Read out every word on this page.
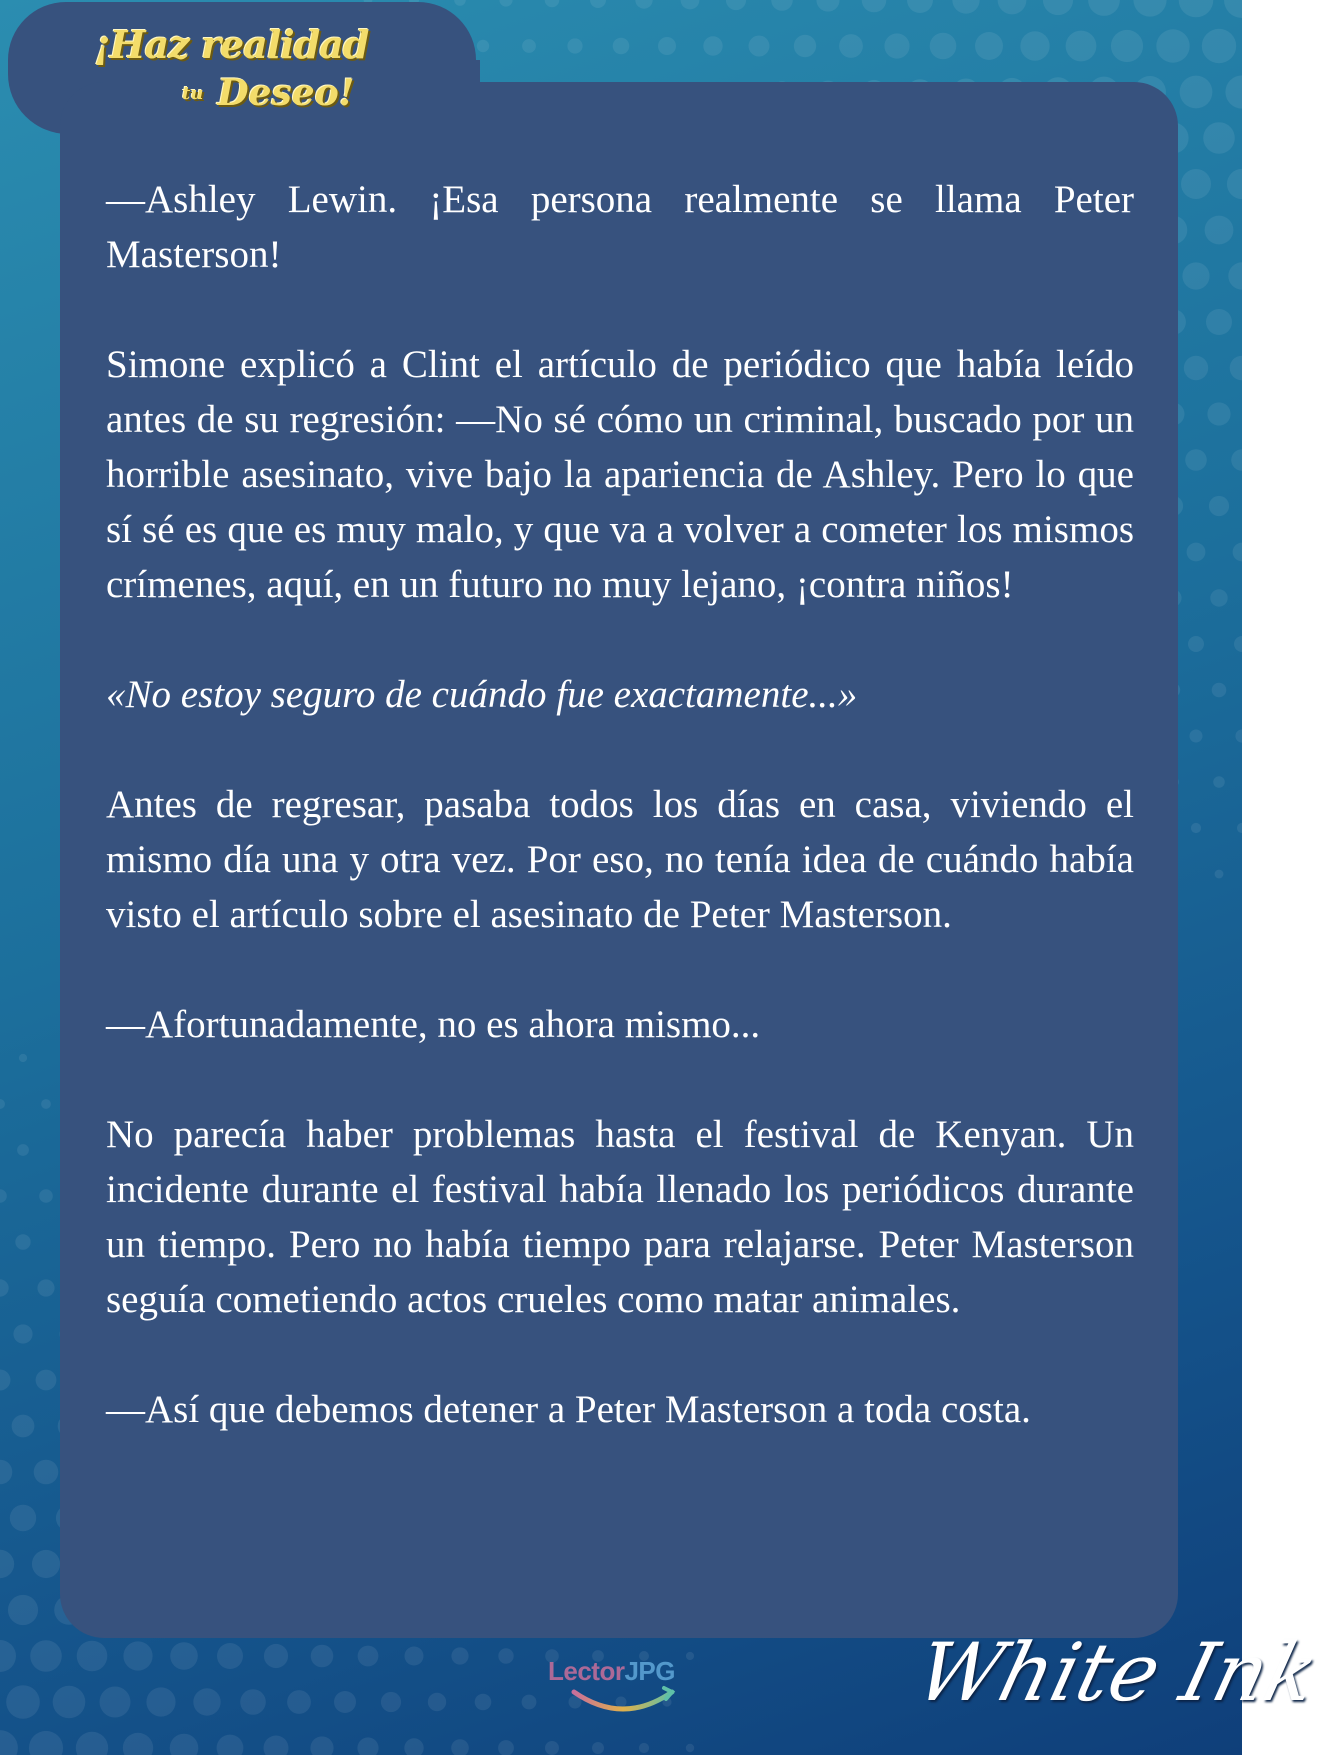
¡Haz realidad
tu Deseo!

—Ashley Lewin. ¡Esa persona realmente se llama Peter Masterson!

Simone explicó a Clint el artículo de periódico que había leído antes de su regresión: —No sé cómo un criminal, buscado por un horrible asesinato, vive bajo la apariencia de Ashley. Pero lo que sí sé es que es muy malo, y que va a volver a cometer los mismos crímenes, aquí, en un futuro no muy lejano, ¡contra niños!

«No estoy seguro de cuándo fue exactamente...»

Antes de regresar, pasaba todos los días en casa, viviendo el mismo día una y otra vez. Por eso, no tenía idea de cuándo había visto el artículo sobre el asesinato de Peter Masterson.

—Afortunadamente, no es ahora mismo...

No parecía haber problemas hasta el festival de Kenyan. Un incidente durante el festival había llenado los periódicos durante un tiempo. Pero no había tiempo para relajarse. Peter Masterson seguía cometiendo actos crueles como matar animales.

—Así que debemos detener a Peter Masterson a toda costa.

LectorJPG	White Ink
